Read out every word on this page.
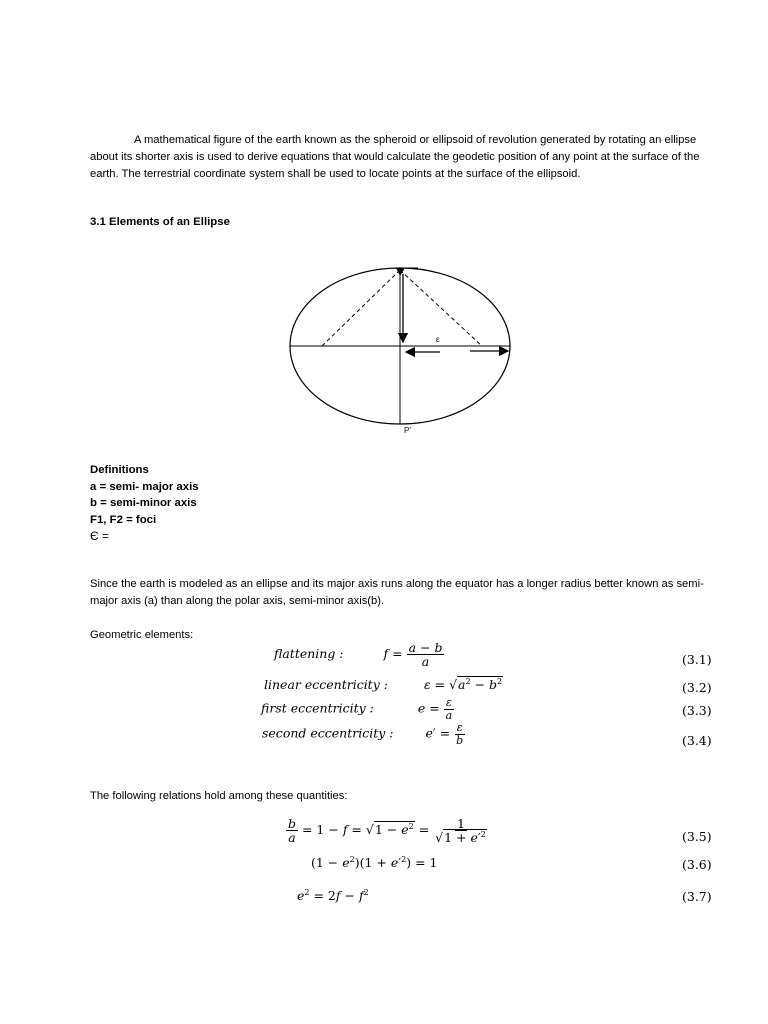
A mathematical figure of the earth known as the spheroid or ellipsoid of revolution generated by rotating an ellipse about its shorter axis is used to derive equations that would calculate the geodetic position of any point at the surface of the earth. The terrestrial coordinate system shall be used to locate points at the surface of the ellipsoid.

3.1 Elements of an Ellipse

ε
P'
Definitions
a = semi- major axis
b = semi-minor axis
F1, F2 = foci
Є =

Since the earth is modeled as an ellipse and its major axis runs along the equator has a longer radius better known as semi-major axis (a) than along the polar axis, semi-minor axis(b).

Geometric elements:

flattening :	$f = \frac{a - b}{a}$	(3.1)
linear eccentricity :	$\varepsilon = √a^2 - b^2$	(3.2)
first eccentricity :	$e = \frac{\varepsilon}{a}$	(3.3)
second eccentricity :	$e' = \frac{\varepsilon}{b}$	(3.4)

The following relations hold among these quantities:

$\frac{b}{a} = 1 - f = √1 - e^2 = \frac{1}{√1 + e'^2}$	(3.5)
$(1 - e^2)(1 + e'^2) = 1$	(3.6)
$e^2 = 2f - f^2$	(3.7)
